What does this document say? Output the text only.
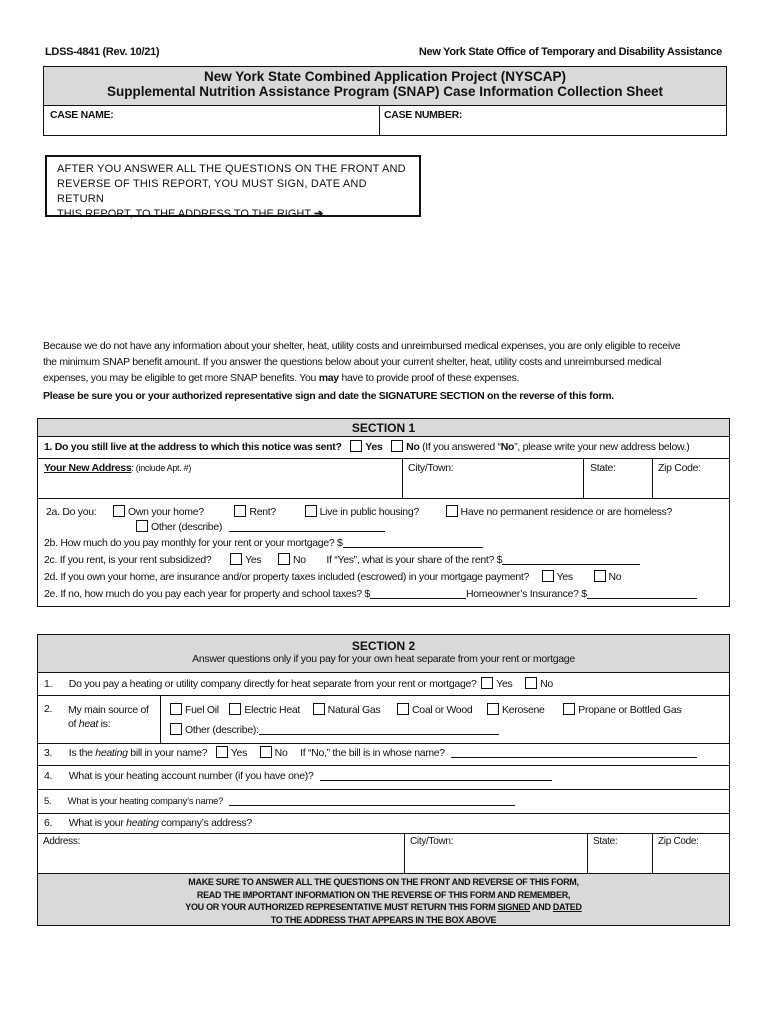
LDSS-4841 (Rev. 10/21)	New York State Office of Temporary and Disability Assistance
New York State Combined Application Project (NYSCAP)
Supplemental Nutrition Assistance Program (SNAP) Case Information Collection Sheet
CASE NAME:	CASE NUMBER:
AFTER YOU ANSWER ALL THE QUESTIONS ON THE FRONT AND
REVERSE OF THIS REPORT, YOU MUST SIGN, DATE AND RETURN
THIS REPORT, TO THE ADDRESS TO THE RIGHT ➔
Because we do not have any information about your shelter, heat, utility costs and unreimbursed medical expenses, you are only eligible to receive
the minimum SNAP benefit amount. If you answer the questions below about your current shelter, heat, utility costs and unreimbursed medical
expenses, you may be eligible to get more SNAP benefits. You may have to provide proof of these expenses.
Please be sure you or your authorized representative sign and date the SIGNATURE SECTION on the reverse of this form.
SECTION 1
1. Do you still live at the address to which this notice was sent? Yes No (If you answered “No”, please write your new address below.)
Your New Address: (include Apt. #)	City/Town:	State:	Zip Code:
2a. Do you:	Own your home?	Rent?	Live in public housing?	Have no permanent residence or are homeless?
Other (describe)
2b. How much do you pay monthly for your rent or your mortgage? $
2c. If you rent, is your rent subsidized?	Yes	No If “Yes”, what is your share of the rent? $
2d. If you own your home, are insurance and/or property taxes included (escrowed) in your mortgage payment?	Yes	No
2e. If no, how much do you pay each year for property and school taxes? $	Homeowner’s Insurance? $
SECTION 2
Answer questions only if you pay for your own heat separate from your rent or mortgage
1. Do you pay a heating or utility company directly for heat separate from your rent or mortgage? Yes	No
2. My main source of
of heat is:
Fuel Oil Electric Heat	Natural Gas	Coal or Wood	Kerosene	Propane or Bottled Gas
Other (describe):
3. Is the heating bill in your name? Yes	No If “No,” the bill is in whose name?
4. What is your heating account number (if you have one)?
5. What is your heating company’s name?
6. What is your heating company’s address?
Address:	City/Town:	State:	Zip Code:
MAKE SURE TO ANSWER ALL THE QUESTIONS ON THE FRONT AND REVERSE OF THIS FORM,
READ THE IMPORTANT INFORMATION ON THE REVERSE OF THIS FORM AND REMEMBER,
YOU OR YOUR AUTHORIZED REPRESENTATIVE MUST RETURN THIS FORM SIGNED AND DATED
TO THE ADDRESS THAT APPEARS IN THE BOX ABOVE
